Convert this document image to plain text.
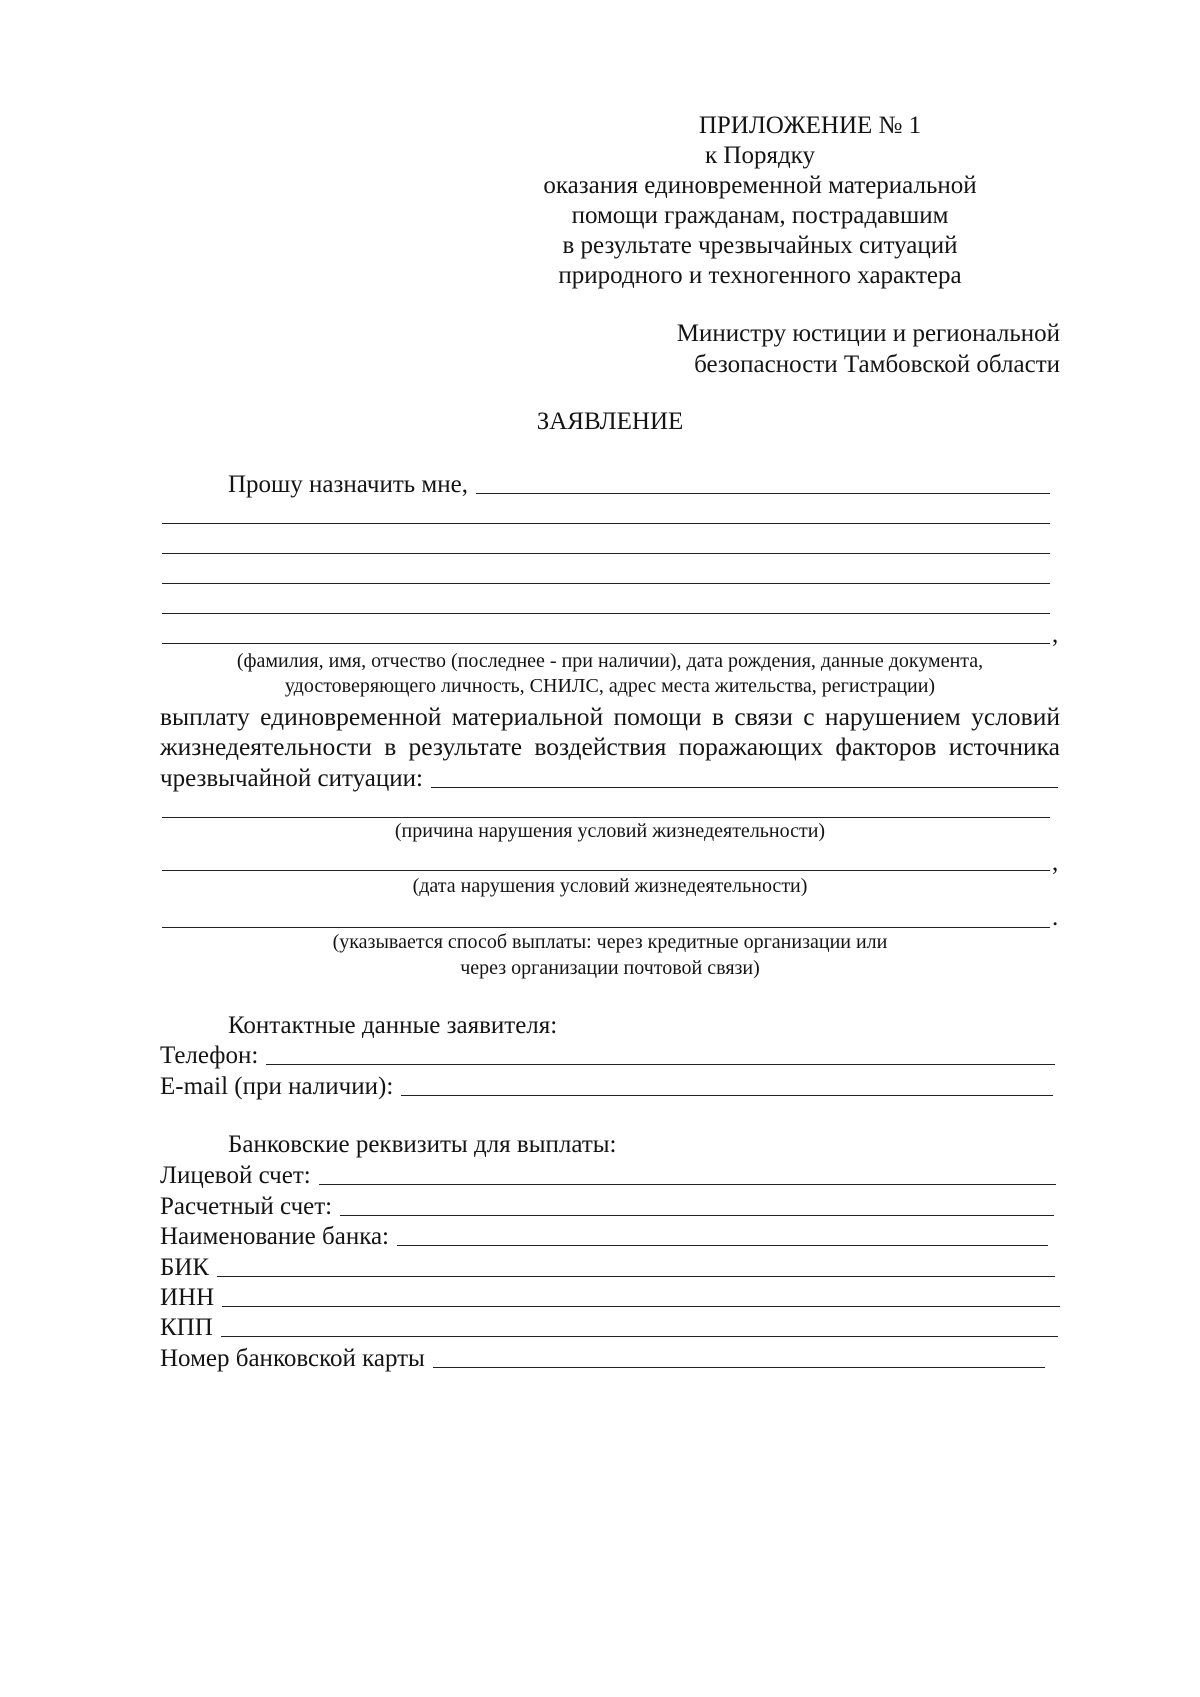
ПРИЛОЖЕНИЕ № 1
к Порядку
оказания единовременной материальной
помощи гражданам, пострадавшим
в результате чрезвычайных ситуаций
природного и техногенного характера
Министру юстиции и региональной
безопасности Тамбовской области
ЗАЯВЛЕНИЕ
Прошу назначить мне,
,
(фамилия, имя, отчество (последнее - при наличии), дата рождения, данные документа,
удостоверяющего личность, СНИЛС, адрес места жительства, регистрации)
выплату единовременной материальной помощи в связи с нарушением условий
жизнедеятельности в результате воздействия поражающих факторов источника
чрезвычайной ситуации:
(причина нарушения условий жизнедеятельности)
,
(дата нарушения условий жизнедеятельности)
.
(указывается способ выплаты: через кредитные организации или
через организации почтовой связи)
Контактные данные заявителя:
Телефон:
E-mail (при наличии):
Банковские реквизиты для выплаты:
Лицевой счет:
Расчетный счет:
Наименование банка:
БИК
ИНН
КПП
Номер банковской карты
